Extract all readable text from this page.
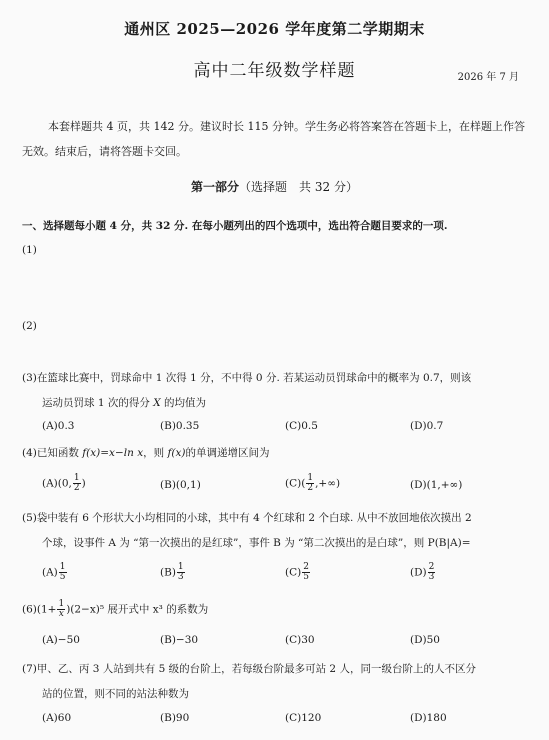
通州区 2025—2026 学年度第二学期期末
高中二年级数学样题	2026 年 7 月
本套样题共 4 页，共 142 分。建议时长 115 分钟。学生务必将答案答在答题卡上，在样题上作答无效。结束后，请将答题卡交回。
第一部分（选择题　共 32 分）
一、选择题每小题 4 分，共 32 分. 在每小题列出的四个选项中，选出符合题目要求的一项.
(1)
(2)
(3)在篮球比赛中，罚球命中 1 次得 1 分，不中得 0 分. 若某运动员罚球命中的概率为 0.7，则该
运动员罚球 1 次的得分 X 的均值为
(A)0.3	(B)0.35	(C)0.5	(D)0.7
(4)已知函数 f(x)=x−ln x，则 f(x)的单调递增区间为
(A)(0, $\frac{1}{2}$ )	(B)(0,1)	$(C)( \frac{1}{2}$ ,+∞)	(D)(1,+∞)
(5)袋中装有 6 个形状大小均相同的小球，其中有 4 个红球和 2 个白球. 从中不放回地依次摸出 2
个球，设事件 A 为 “第一次摸出的是红球”，事件 B 为 “第二次摸出的是白球”，则 P(B|A)=
$(A) \frac{1}{5}$	$(B) \frac{1}{3}$	$(C) \frac{2}{5}$	$(D) \frac{2}{3}$
$(6)(1+ \frac{1}{x})(2-x)^5$ 展开式中 x³ 的系数为
(A)−50	(B)−30	(C)30	(D)50
(7)甲、乙、丙 3 人站到共有 5 级的台阶上，若每级台阶最多可站 2 人，同一级台阶上的人不区分
站的位置，则不同的站法种数为
(A)60	(B)90	(C)120	(D)180
